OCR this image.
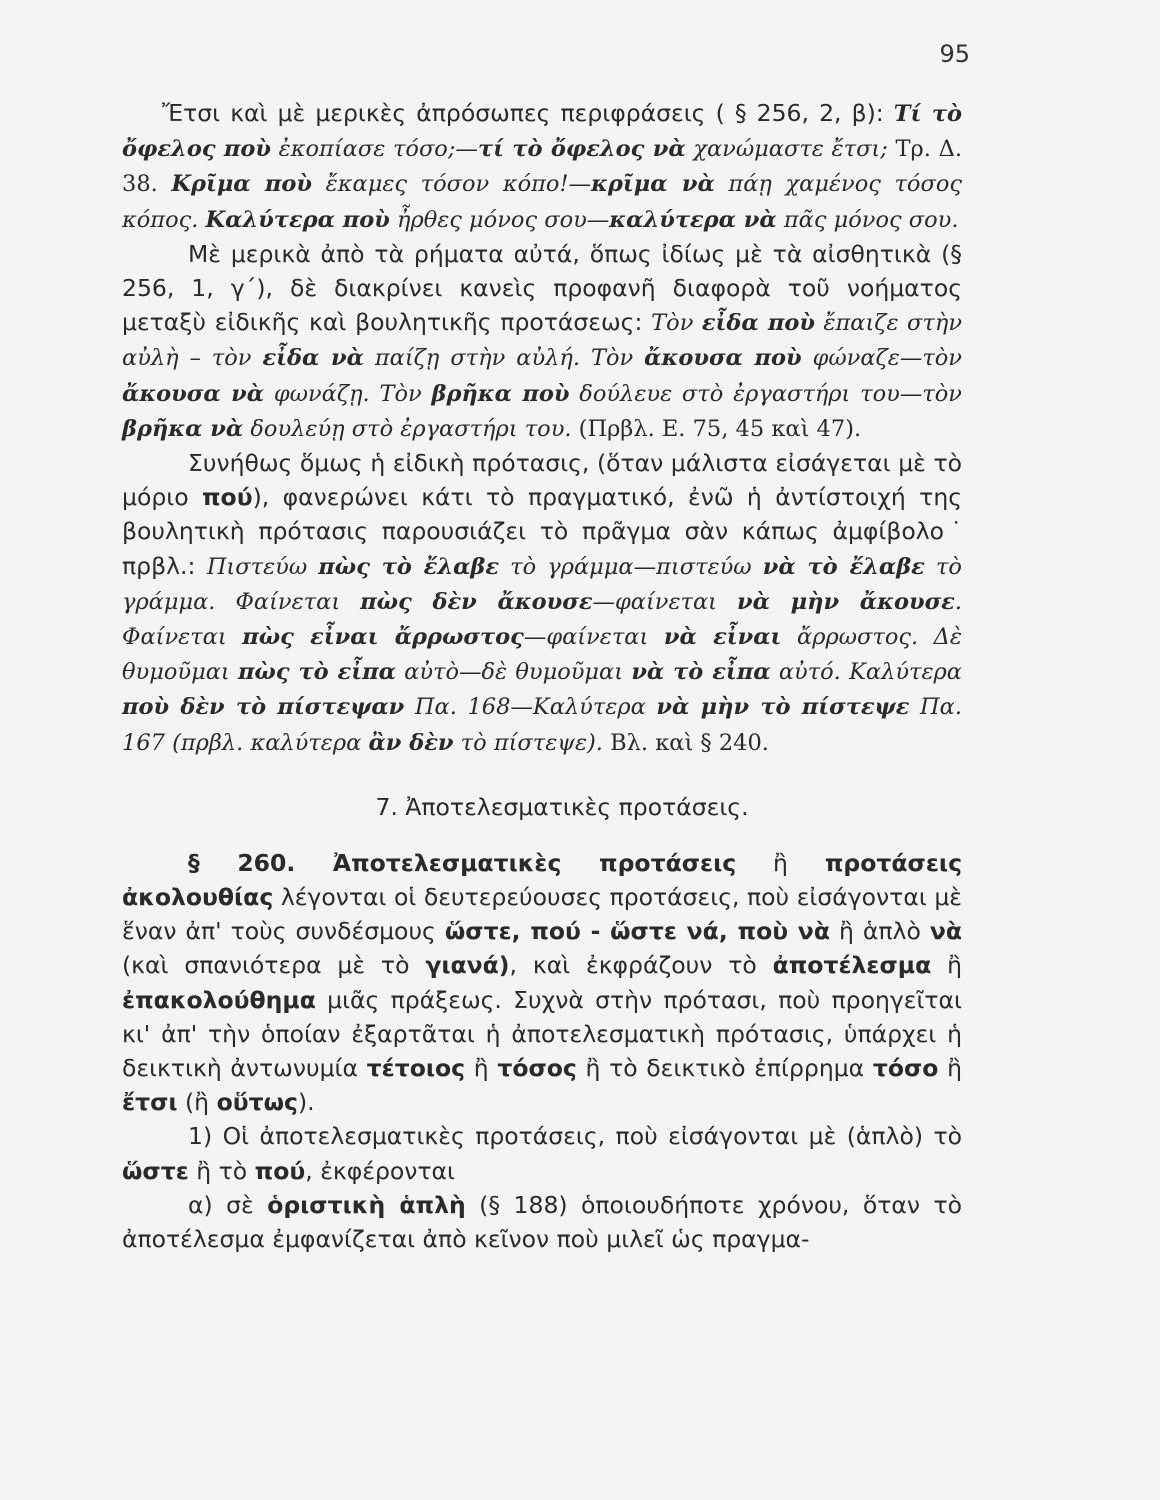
95

Ἔτσι καὶ μὲ μερικὲς ἀπρόσωπες περιφράσεις ( § 256, 2, β): Τί τὸ ὄφελος ποὺ ἐκοπίασε τόσο;—τί τὸ ὄφελος νὰ χανώμαστε ἔτσι; Τρ. Δ. 38. Κρῖμα ποὺ ἔκαμες τόσον κόπο!—κρῖμα νὰ πάῃ χαμένος τόσος κόπος. Καλύτερα ποὺ ἦρθες μόνος σου—καλύτερα νὰ πᾶς μόνος σου.

Μὲ μερικὰ ἀπὸ τὰ ρήματα αὐτά, ὅπως ἰδίως μὲ τὰ αἰσθητικὰ (§ 256, 1, γ΄), δὲ διακρίνει κανεὶς προφανῆ διαφορὰ τοῦ νοήματος μεταξὺ εἰδικῆς καὶ βουλητικῆς προτάσεως: Τὸν εἶδα ποὺ ἔπαιζε στὴν αὐλὴ – τὸν εἶδα νὰ παίζῃ στὴν αὐλή. Τὸν ἄκουσα ποὺ φώναζε—τὸν ἄκουσα νὰ φωνάζῃ. Τὸν βρῆκα ποὺ δούλευε στὸ ἐργαστήρι του—τὸν βρῆκα νὰ δουλεύῃ στὸ ἐργαστήρι του. (Πρβλ. Ε. 75, 45 καὶ 47).

Συνήθως ὅμως ἡ εἰδικὴ πρότασις, (ὅταν μάλιστα εἰσάγεται μὲ τὸ μόριο πού), φανερώνει κάτι τὸ πραγματικό, ἐνῶ ἡ ἀντίστοιχή της βουλητικὴ πρότασις παρουσιάζει τὸ πρᾶγμα σὰν κάπως ἀμφίβολο˙ πρβλ.: Πιστεύω πὼς τὸ ἔλαβε τὸ γράμμα—πιστεύω νὰ τὸ ἔλαβε τὸ γράμμα. Φαίνεται πὼς δὲν ἄκουσε—φαίνεται νὰ μὴν ἄκουσε. Φαίνεται πὼς εἶναι ἄρρωστος—φαίνεται νὰ εἶναι ἄρρωστος. Δὲ θυμοῦμαι πὼς τὸ εἶπα αὐτὸ—δὲ θυμοῦμαι νὰ τὸ εἶπα αὐτό. Καλύτερα ποὺ δὲν τὸ πίστεψαν Πα. 168—Καλύτερα νὰ μὴν τὸ πίστεψε Πα. 167 (πρβλ. καλύτερα ἂν δὲν τὸ πίστεψε). Βλ. καὶ § 240.

7. Ἀποτελεσματικὲς προτάσεις.

§ 260. Ἀποτελεσματικὲς προτάσεις ἢ προτάσεις ἀκολουθίας λέγονται οἱ δευτερεύουσες προτάσεις, ποὺ εἰσάγονται μὲ ἕναν ἀπ' τοὺς συνδέσμους ὥστε, πού - ὥστε νά, ποὺ νὰ ἢ ἁπλὸ νὰ (καὶ σπανιότερα μὲ τὸ γιανά), καὶ ἐκφράζουν τὸ ἀποτέλεσμα ἢ ἐπακολούθημα μιᾶς πράξεως. Συχνὰ στὴν πρότασι, ποὺ προηγεῖται κι' ἀπ' τὴν ὁποίαν ἐξαρτᾶται ἡ ἀποτελεσματικὴ πρότασις, ὑπάρχει ἡ δεικτικὴ ἀντωνυμία τέτοιος ἢ τόσος ἢ τὸ δεικτικὸ ἐπίρρημα τόσο ἢ ἔτσι (ἢ οὕτως).

1) Οἱ ἀποτελεσματικὲς προτάσεις, ποὺ εἰσάγονται μὲ (ἁπλὸ) τὸ ὥστε ἢ τὸ πού, ἐκφέρονται

α) σὲ ὁριστικὴ ἁπλὴ (§ 188) ὁποιουδήποτε χρόνου, ὅταν τὸ ἀποτέλεσμα ἐμφανίζεται ἀπὸ κεῖνον ποὺ μιλεῖ ὡς πραγμα-
